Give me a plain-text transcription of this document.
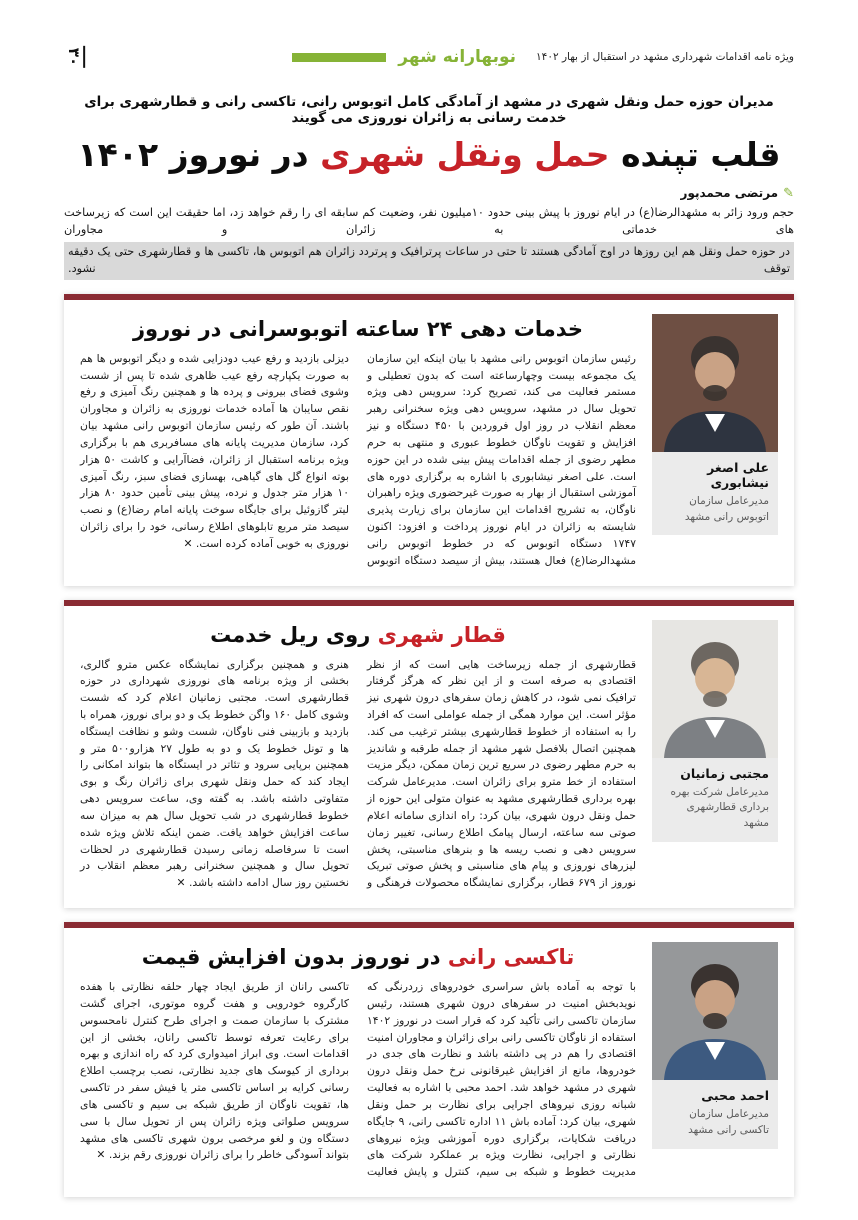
ویژه نامه اقدامات شهرداری مشهد در استقبال از بهار ۱۴۰۲
نوبهارانه شهر
۳۰

مدیران حوزه حمل ونقل شهری در مشهد از آمادگی کامل اتوبوس رانی، تاکسی رانی و قطارشهری برای خدمت رسانی به زائران نوروزی می گویند

قلب تپنده حمل ونقل شهری در نوروز ۱۴۰۲
✎
مرتضی محمدپور

حجم ورود زائر به مشهدالرضا(ع) در ایام نوروز با پیش بینی حدود ۱۰میلیون نفر، وضعیت کم سابقه ای را رقم خواهد زد، اما حقیقت این است که زیرساخت های خدماتی به زائران و مجاوران

در حوزه حمل ونقل هم این روزها در اوج آمادگی هستند تا حتی در ساعات پرترافیک و پرتردد زائران هم اتوبوس ها، تاکسی ها و قطارشهری حتی یک دقیقه توقف نشود.

علی اصغر نیشابوری
مدیرعامل سازمان اتوبوس رانی مشهد
خدمات دهی ۲۴ ساعته اتوبوسرانی در نوروز
رئیس سازمان اتوبوس رانی مشهد با بیان اینکه این سازمان یک مجموعه بیست وچهارساعته است که بدون تعطیلی و مستمر فعالیت می کند، تصریح کرد: سرویس دهی ویژه تحویل سال در مشهد، سرویس دهی ویژه سخنرانی رهبر معظم انقلاب در روز اول فروردین با ۴۵۰ دستگاه و نیز افزایش و تقویت ناوگان خطوط عبوری و منتهی به حرم مطهر رضوی از جمله اقدامات پیش بینی شده در این حوزه است. علی اصغر نیشابوری با اشاره به برگزاری دوره های آموزشی استقبال از بهار به صورت غیرحضوری ویژه راهبران ناوگان، به تشریح اقدامات این سازمان برای زیارت پذیری شایسته به زائران در ایام نوروز پرداخت و افزود: اکنون ۱۷۴۷ دستگاه اتوبوس که در خطوط اتوبوس رانی مشهدالرضا(ع) فعال هستند، بیش از سیصد دستگاه اتوبوس دیزلی بازدید و رفع عیب دودزایی شده و دیگر اتوبوس ها هم به صورت یکپارچه رفع عیب ظاهری شده تا پس از شست وشوی فضای بیرونی و پرده ها و همچنین رنگ آمیزی و رفع نقص سایبان ها آماده خدمات نوروزی به زائران و مجاوران باشند. آن طور که رئیس سازمان اتوبوس رانی مشهد بیان کرد، سازمان مدیریت پایانه های مسافربری هم با برگزاری ویژه برنامه استقبال از زائران، فضاآرایی و کاشت ۵۰ هزار بوته انواع گل های گیاهی، بهسازی فضای سبز، رنگ آمیزی ۱۰ هزار متر جدول و نرده، پیش بینی تأمین حدود ۸۰ هزار لیتر گازوئیل برای جایگاه سوخت پایانه امام رضا(ع) و نصب سیصد متر مربع تابلوهای اطلاع رسانی، خود را برای زائران نوروزی به خوبی آماده کرده است. ✕
مجتبی زمانیان
مدیرعامل شرکت بهره برداری قطارشهری مشهد
قطار شهری روی ریل خدمت
قطارشهری از جمله زیرساخت هایی است که از نظر اقتصادی به صرفه است و از این نظر که هرگز گرفتار ترافیک نمی شود، در کاهش زمان سفرهای درون شهری نیز مؤثر است. این موارد همگی از جمله عواملی است که افراد را به استفاده از خطوط قطارشهری بیشتر ترغیب می کند. همچنین اتصال بلافصل شهر مشهد از جمله طرقبه و شاندیز به حرم مطهر رضوی در سریع ترین زمان ممکن، دیگر مزیت استفاده از خط مترو برای زائران است. مدیرعامل شرکت بهره برداری قطارشهری مشهد به عنوان متولی این حوزه از حمل ونقل درون شهری، بیان کرد: راه اندازی سامانه اعلام صوتی سه ساعته، ارسال پیامک اطلاع رسانی، تغییر زمان سرویس دهی و نصب ریسه ها و بنرهای مناسبتی، پخش لیزرهای نوروزی و پیام های مناسبتی و پخش صوتی تبریک نوروز از ۶۷۹ قطار، برگزاری نمایشگاه محصولات فرهنگی و هنری و همچنین برگزاری نمایشگاه عکس مترو گالری، بخشی از ویژه برنامه های نوروزی شهرداری در حوزه قطارشهری است. مجتبی زمانیان اعلام کرد که شست وشوی کامل ۱۶۰ واگن خطوط یک و دو برای نوروز، همراه با بازدید و بازبینی فنی ناوگان، شست وشو و نظافت ایستگاه ها و تونل خطوط یک و دو به طول ۲۷ هزارو۵۰۰ متر و همچنین برپایی سرود و تئاتر در ایستگاه ها بتواند امکانی را ایجاد کند که حمل ونقل شهری برای زائران رنگ و بوی متفاوتی داشته باشد. به گفته وی، ساعت سرویس دهی خطوط قطارشهری در شب تحویل سال هم به میزان سه ساعت افزایش خواهد یافت. ضمن اینکه تلاش ویژه شده است تا سرفاصله زمانی رسیدن قطارشهری در لحظات تحویل سال و همچنین سخنرانی رهبر معظم انقلاب در نخستین روز سال ادامه داشته باشد. ✕
احمد محبی
مدیرعامل سازمان تاکسی رانی مشهد
تاکسی رانی در نوروز بدون افزایش قیمت
با توجه به آماده باش سراسری خودروهای زردرنگی که نویدبخش امنیت در سفرهای درون شهری هستند، رئیس سازمان تاکسی رانی تأکید کرد که قرار است در نوروز ۱۴۰۲ استفاده از ناوگان تاکسی رانی برای زائران و مجاوران امنیت اقتصادی را هم در پی داشته باشد و نظارت های جدی در خودروها، مانع از افزایش غیرقانونی نرخ حمل ونقل درون شهری در مشهد خواهد شد. احمد محبی با اشاره به فعالیت شبانه روزی نیروهای اجرایی برای نظارت بر حمل ونقل شهری، بیان کرد: آماده باش ۱۱ اداره تاکسی رانی، ۹ جایگاه دریافت شکایات، برگزاری دوره آموزشی ویژه نیروهای نظارتی و اجرایی، نظارت ویژه بر عملکرد شرکت های مدیریت خطوط و شبکه بی سیم، کنترل و پایش فعالیت تاکسی رانان از طریق ایجاد چهار حلقه نظارتی با هفده کارگروه خودرویی و هفت گروه موتوری، اجرای گشت مشترک با سازمان صمت و اجرای طرح کنترل نامحسوس برای رعایت تعرفه توسط تاکسی رانان، بخشی از این اقدامات است. وی ابراز امیدواری کرد که راه اندازی و بهره برداری از کیوسک های جدید نظارتی، نصب برچسب اطلاع رسانی کرایه بر اساس تاکسی متر یا فیش سفر در تاکسی ها، تقویت ناوگان از طریق شبکه بی سیم و تاکسی های سرویس صلواتی ویژه زائران پس از تحویل سال با سی دستگاه ون و لغو مرخصی برون شهری تاکسی های مشهد بتواند آسودگی خاطر را برای زائران نوروزی رقم بزند. ✕
